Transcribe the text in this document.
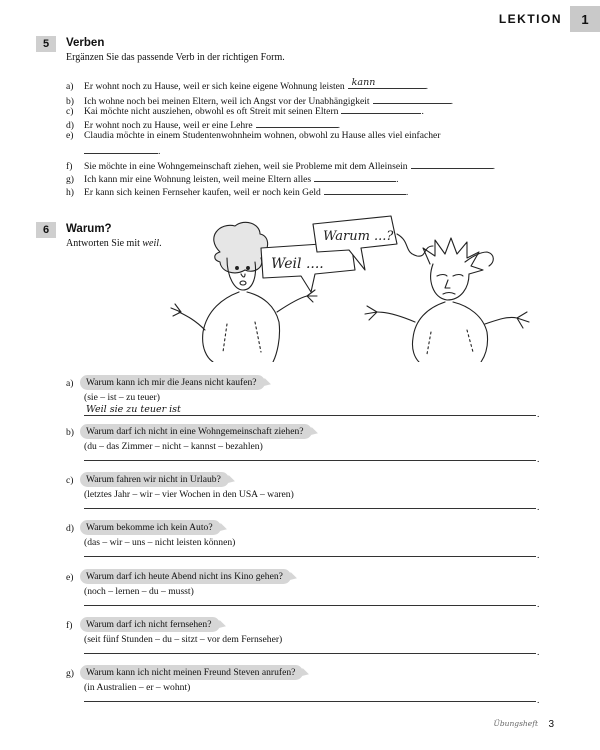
LEKTION	1
5	Verben
Ergänzen Sie das passende Verb in der richtigen Form.
a)	Er wohnt noch zu Hause, weil er sich keine eigene Wohnung leisten kann	.
b)	Ich wohne noch bei meinen Eltern, weil ich Angst vor der Unabhängigkeit	.
c)	Kai möchte nicht ausziehen, obwohl es oft Streit mit seinen Eltern	.
d)	Er wohnt noch zu Hause, weil er eine Lehre	.
e)	Claudia möchte in einem Studentenwohnheim wohnen, obwohl zu Hause alles viel einfacher
.
f)	Sie möchte in eine Wohngemeinschaft ziehen, weil sie Probleme mit dem Alleinsein	.
g)	Ich kann mir eine Wohnung leisten, weil meine Eltern alles	.
h)	Er kann sich keinen Fernseher kaufen, weil er noch kein Geld	.
6	Warum?
Antworten Sie mit weil.
Weil ....
Warum ...?
a)	Warum kann ich mir die Jeans nicht kaufen?
(sie – ist – zu teuer)
Weil sie zu teuer ist	.
b)	Warum darf ich nicht in eine Wohngemeinschaft ziehen?
(du – das Zimmer – nicht – kannst – bezahlen)
.
c)	Warum fahren wir nicht in Urlaub?
(letztes Jahr – wir – vier Wochen in den USA – waren)
.
d)	Warum bekomme ich kein Auto?
(das – wir – uns – nicht leisten können)
.
e)	Warum darf ich heute Abend nicht ins Kino gehen?
(noch – lernen – du – musst)
.
f)	Warum darf ich nicht fernsehen?
(seit fünf Stunden – du – sitzt – vor dem Fernseher)
.
g)	Warum kann ich nicht meinen Freund Steven anrufen?
(in Australien – er – wohnt)
.
Übungsheft 3
